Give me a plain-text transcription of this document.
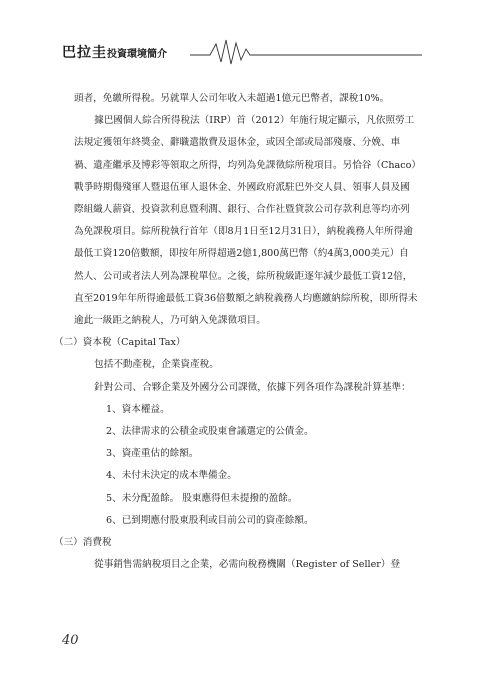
巴拉圭投資環境簡介

頭者，免繳所得稅。另就單人公司年收入未超過1億元巴幣者，課稅10%。

據巴國個人綜合所得稅法（IRP）首（2012）年施行規定顯示，凡依照勞工法規定獲領年終獎金、辭職遣散費及退休金，或因全部或局部殘廢、分娩、車禍、遺產繼承及博彩等領取之所得，均列為免課徵綜所稅項目。另恰谷（Chaco）戰爭時期傷殘軍人暨退伍軍人退休金、外國政府派駐巴外交人員、領事人員及國際組織人薪資、投資款利息暨利潤、銀行、合作社暨貸款公司存款利息等均亦列為免課稅項目。綜所稅執行首年（即8月1日至12月31日），納稅義務人年所得逾最低工資120倍數額，即按年所得超過2億1,800萬巴幣（約4萬3,000美元）自然人、公司或者法人列為課稅單位。之後，綜所稅級距逐年減少最低工資12倍，直至2019年年所得逾最低工資36倍數額之納稅義務人均應繳納綜所稅，即所得未逾此一級距之納稅人，乃可納入免課徵項目。

（二）資本稅（Capital Tax）

包括不動產稅，企業資產稅。

針對公司、合夥企業及外國分公司課徵，依據下列各項作為課稅計算基準：

1、資本權益。

2、法律需求的公積金或股東會議選定的公債金。

3、資產重估的餘額。

4、未付未決定的成本準備金。

5、未分配盈餘。 股東應得但未提撥的盈餘。

6、已到期應付股東股利或目前公司的資產餘額。

（三）消費稅

從事銷售需納稅項目之企業，必需向稅務機關（Register of Seller）登

40
